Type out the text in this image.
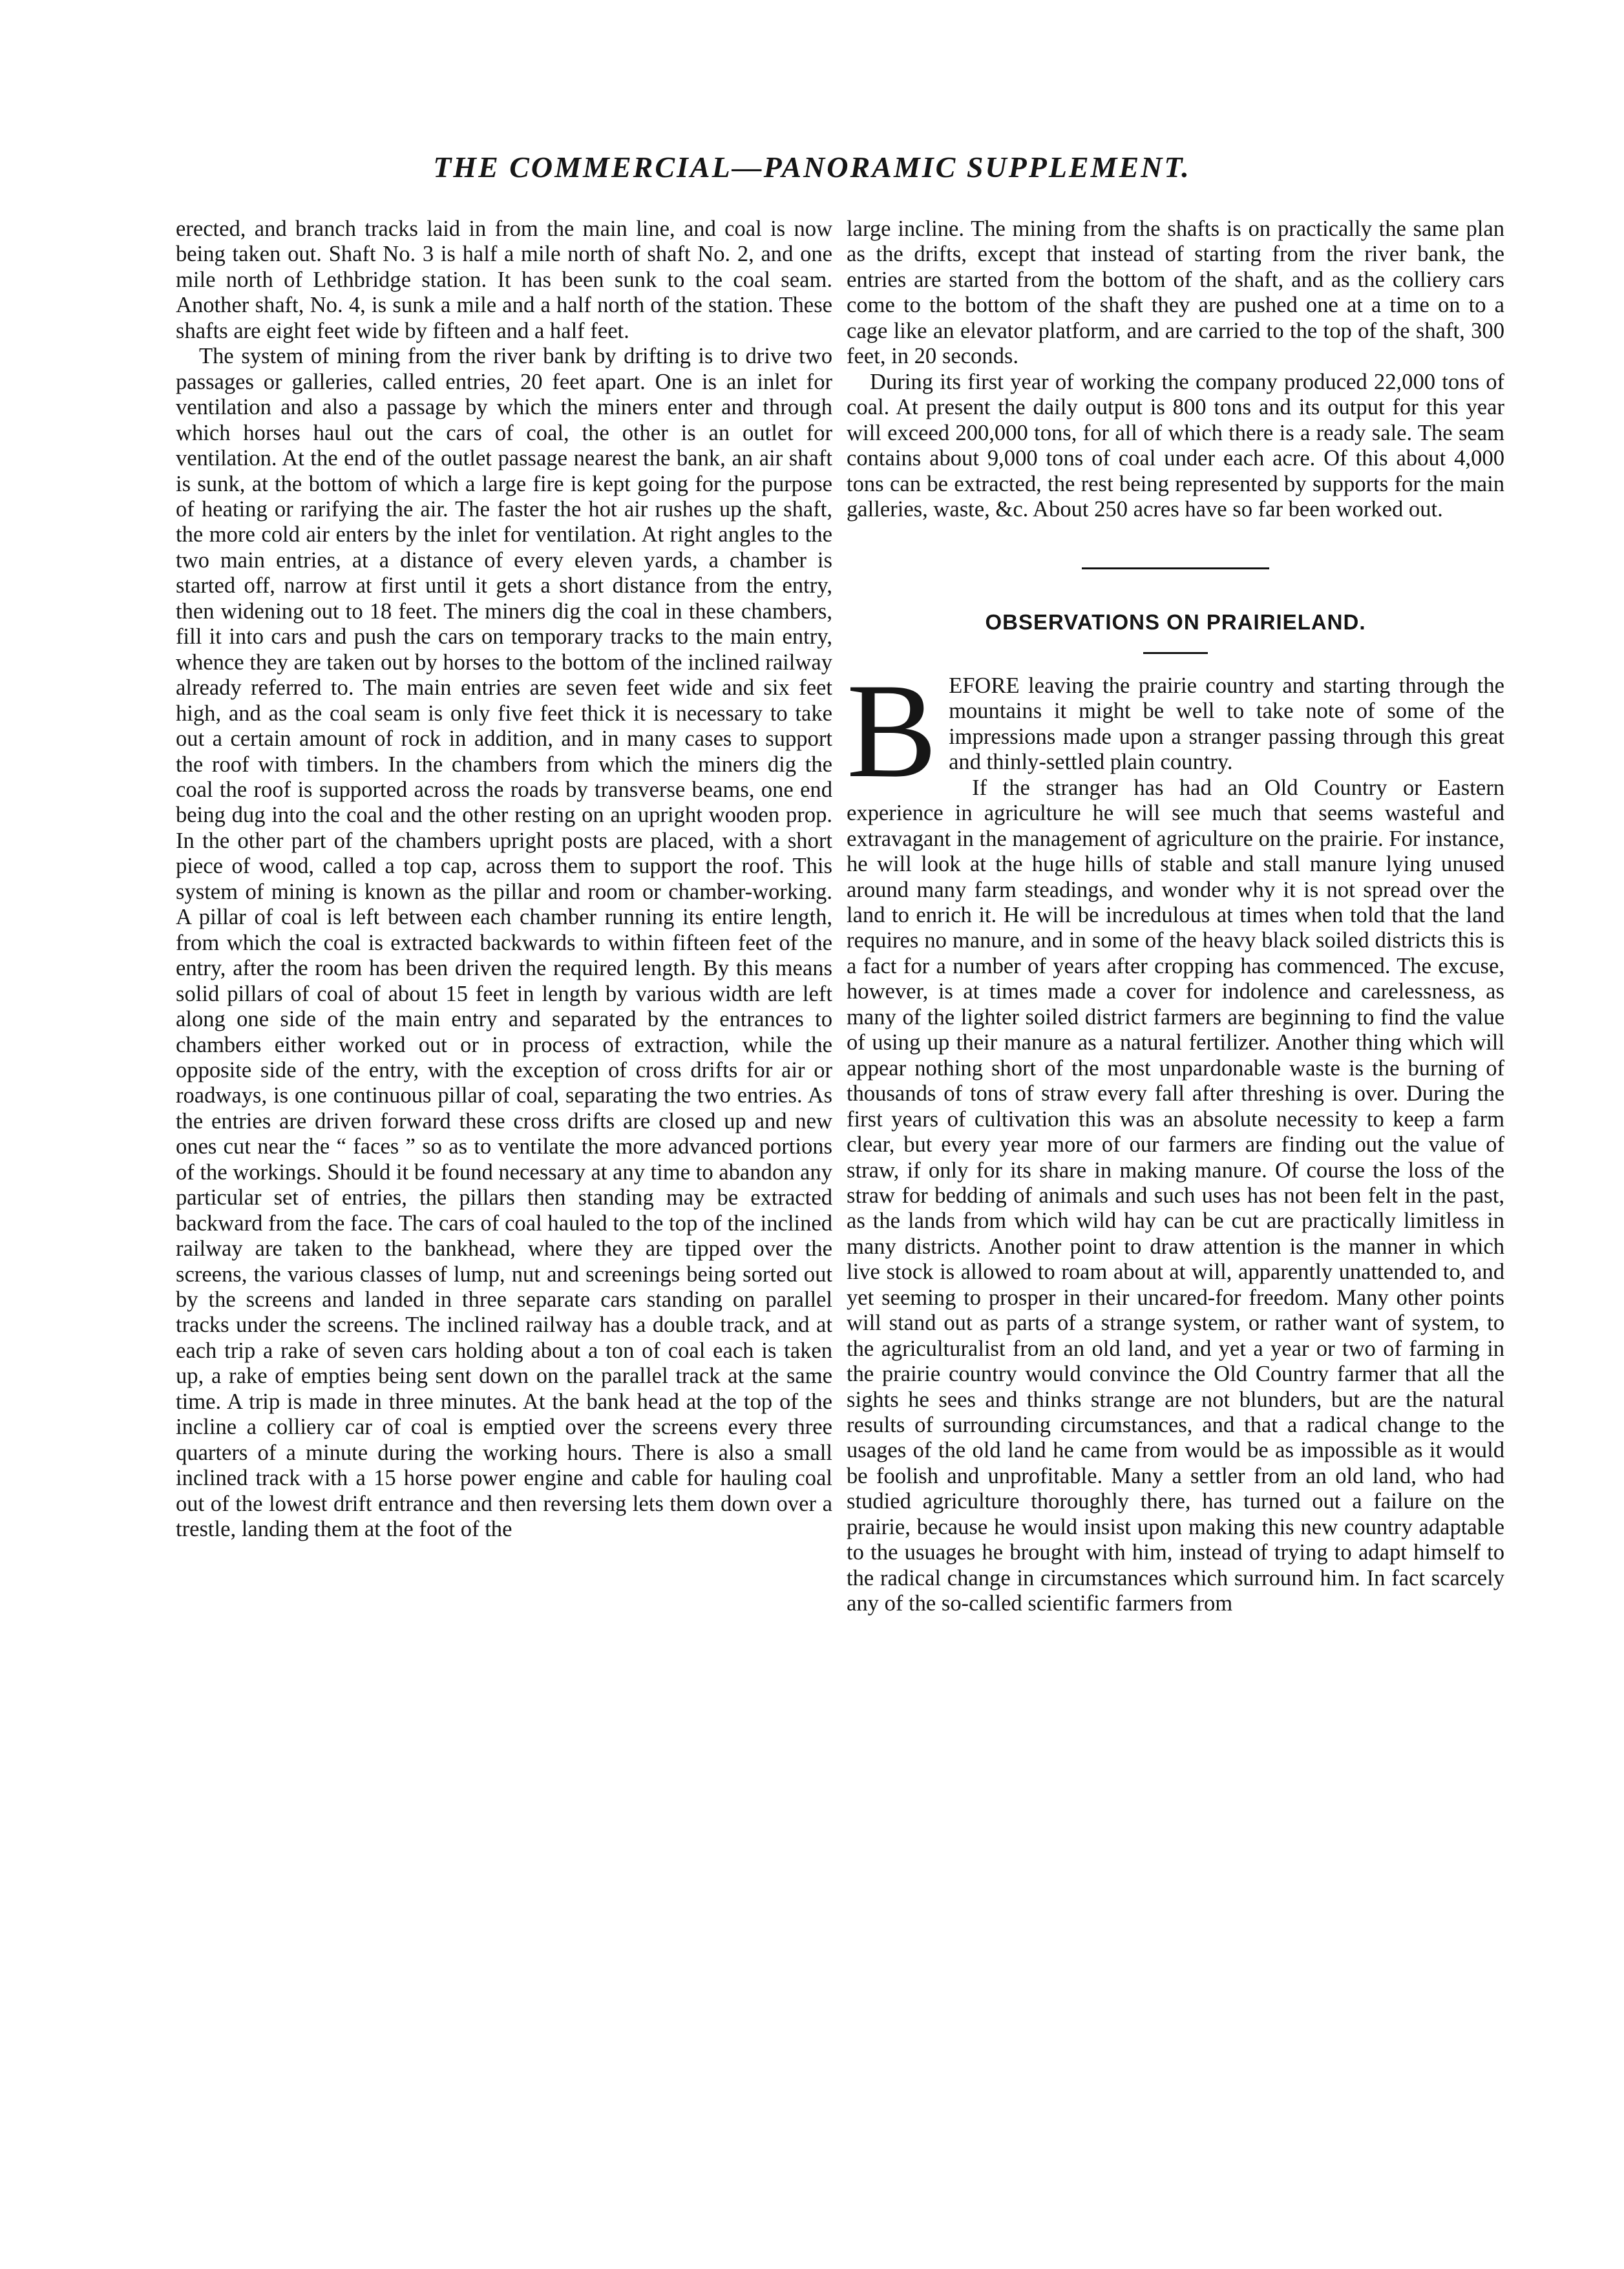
THE COMMERCIAL—PANORAMIC SUPPLEMENT.

erected, and branch tracks laid in from the main line, and coal is now being taken out. Shaft No. 3 is half a mile north of shaft No. 2, and one mile north of Lethbridge station. It has been sunk to the coal seam. Another shaft, No. 4, is sunk a mile and a half north of the station. These shafts are eight feet wide by fifteen and a half feet.

The system of mining from the river bank by drifting is to drive two passages or galleries, called entries, 20 feet apart. One is an inlet for ventilation and also a passage by which the miners enter and through which horses haul out the cars of coal, the other is an outlet for ventilation. At the end of the outlet passage nearest the bank, an air shaft is sunk, at the bottom of which a large fire is kept going for the purpose of heating or rarifying the air. The faster the hot air rushes up the shaft, the more cold air enters by the inlet for ventilation. At right angles to the two main entries, at a distance of every eleven yards, a chamber is started off, narrow at first until it gets a short distance from the entry, then widening out to 18 feet. The miners dig the coal in these chambers, fill it into cars and push the cars on temporary tracks to the main entry, whence they are taken out by horses to the bottom of the inclined railway already referred to. The main entries are seven feet wide and six feet high, and as the coal seam is only five feet thick it is necessary to take out a certain amount of rock in addition, and in many cases to support the roof with timbers. In the chambers from which the miners dig the coal the roof is supported across the roads by transverse beams, one end being dug into the coal and the other resting on an upright wooden prop. In the other part of the chambers upright posts are placed, with a short piece of wood, called a top cap, across them to support the roof. This system of mining is known as the pillar and room or chamber-working. A pillar of coal is left between each chamber running its entire length, from which the coal is extracted backwards to within fifteen feet of the entry, after the room has been driven the required length. By this means solid pillars of coal of about 15 feet in length by various width are left along one side of the main entry and separated by the entrances to chambers either worked out or in process of extraction, while the opposite side of the entry, with the exception of cross drifts for air or roadways, is one continuous pillar of coal, separating the two entries. As the entries are driven forward these cross drifts are closed up and new ones cut near the “ faces ” so as to ventilate the more advanced portions of the workings. Should it be found necessary at any time to abandon any particular set of entries, the pillars then standing may be extracted backward from the face. The cars of coal hauled to the top of the inclined railway are taken to the bankhead, where they are tipped over the screens, the various classes of lump, nut and screenings being sorted out by the screens and landed in three separate cars standing on parallel tracks under the screens. The inclined railway has a double track, and at each trip a rake of seven cars holding about a ton of coal each is taken up, a rake of empties being sent down on the parallel track at the same time. A trip is made in three minutes. At the bank head at the top of the incline a colliery car of coal is emptied over the screens every three quarters of a minute during the working hours. There is also a small inclined track with a 15 horse power engine and cable for hauling coal out of the lowest drift entrance and then reversing lets them down over a trestle, landing them at the foot of the

large incline. The mining from the shafts is on practically the same plan as the drifts, except that instead of starting from the river bank, the entries are started from the bottom of the shaft, and as the colliery cars come to the bottom of the shaft they are pushed one at a time on to a cage like an elevator platform, and are carried to the top of the shaft, 300 feet, in 20 seconds.

During its first year of working the company produced 22,000 tons of coal. At present the daily output is 800 tons and its output for this year will exceed 200,000 tons, for all of which there is a ready sale. The seam contains about 9,000 tons of coal under each acre. Of this about 4,000 tons can be extracted, the rest being represented by supports for the main galleries, waste, &c. About 250 acres have so far been worked out.

OBSERVATIONS ON PRAIRIELAND.

BEFORE leaving the prairie country and starting through the mountains it might be well to take note of some of the impressions made upon a stranger passing through this great and thinly-settled plain country.

If the stranger has had an Old Country or Eastern experience in agriculture he will see much that seems wasteful and extravagant in the management of agriculture on the prairie. For instance, he will look at the huge hills of stable and stall manure lying unused around many farm steadings, and wonder why it is not spread over the land to enrich it. He will be incredulous at times when told that the land requires no manure, and in some of the heavy black soiled districts this is a fact for a number of years after cropping has commenced. The excuse, however, is at times made a cover for indolence and carelessness, as many of the lighter soiled district farmers are beginning to find the value of using up their manure as a natural fertilizer. Another thing which will appear nothing short of the most unpardonable waste is the burning of thousands of tons of straw every fall after threshing is over. During the first years of cultivation this was an absolute necessity to keep a farm clear, but every year more of our farmers are finding out the value of straw, if only for its share in making manure. Of course the loss of the straw for bedding of animals and such uses has not been felt in the past, as the lands from which wild hay can be cut are practically limitless in many districts. Another point to draw attention is the manner in which live stock is allowed to roam about at will, apparently unattended to, and yet seeming to prosper in their uncared-for freedom. Many other points will stand out as parts of a strange system, or rather want of system, to the agriculturalist from an old land, and yet a year or two of farming in the prairie country would convince the Old Country farmer that all the sights he sees and thinks strange are not blunders, but are the natural results of surrounding circumstances, and that a radical change to the usages of the old land he came from would be as impossible as it would be foolish and unprofitable. Many a settler from an old land, who had studied agriculture thoroughly there, has turned out a failure on the prairie, because he would insist upon making this new country adaptable to the usuages he brought with him, instead of trying to adapt himself to the radical change in circumstances which surround him. In fact scarcely any of the so-called scientific farmers from
